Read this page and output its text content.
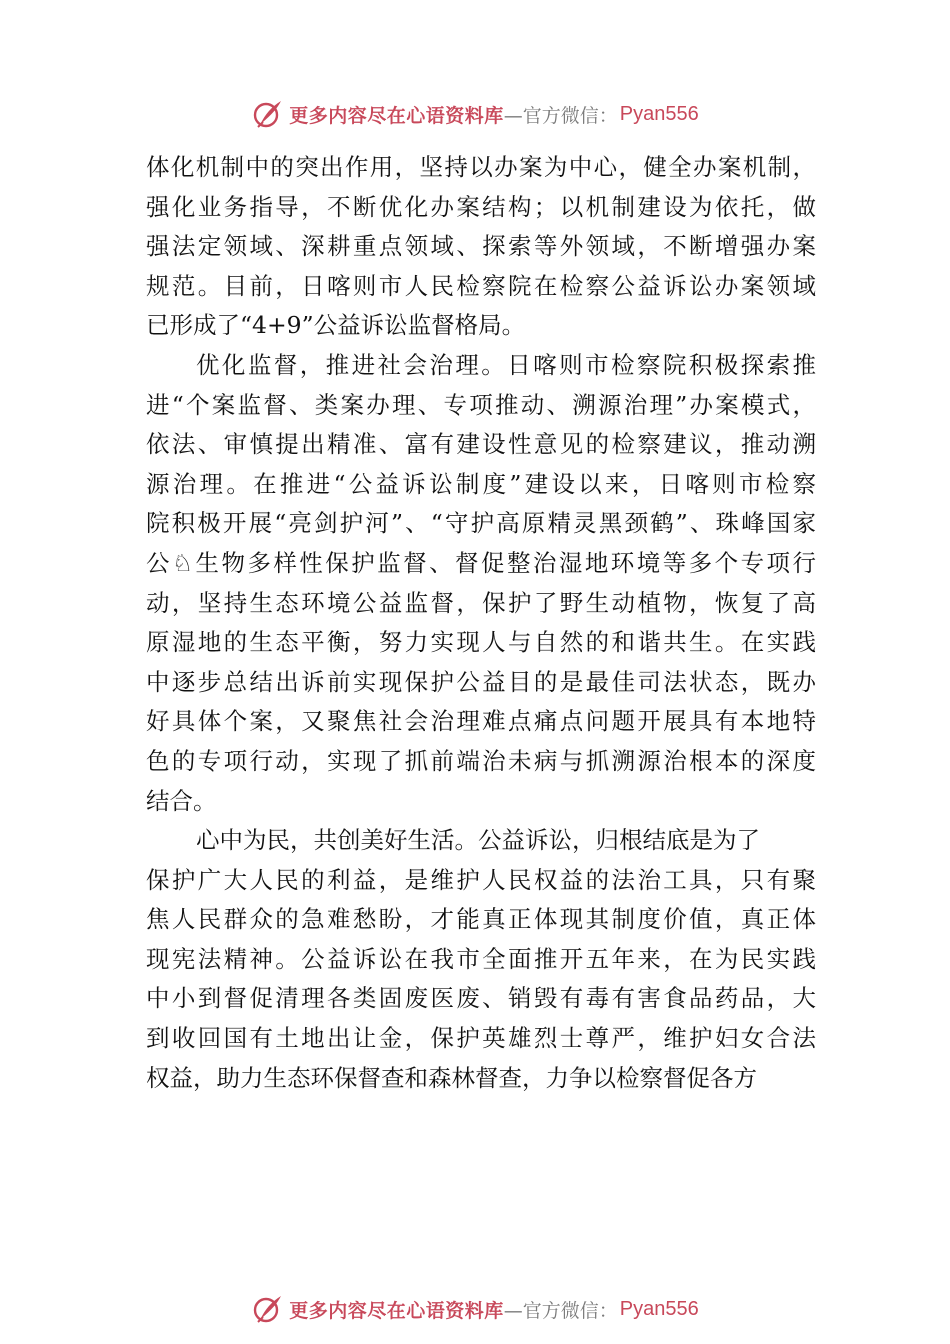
更多内容尽在心语资料库 —官方微信： Pyan556
体化机制中的突出作用，坚持以办案为中心，健全办案机制，
强化业务指导，不断优化办案结构；以机制建设为依托，做
强法定领域、深耕重点领域、探索等外领域，不断增强办案
规范。目前，日喀则市人民检察院在检察公益诉讼办案领域
已形成了“4+9”公益诉讼监督格局。
优化监督，推进社会治理。日喀则市检察院积极探索推
进“个案监督、类案办理、专项推动、溯源治理”办案模式，
依法、审慎提出精准、富有建设性意见的检察建议，推动溯
源治理。在推进“公益诉讼制度”建设以来，日喀则市检察
院积极开展“亮剑护河”、“守护高原精灵黑颈鹤”、珠峰国家
公♘生物多样性保护监督、督促整治湿地环境等多个专项行
动，坚持生态环境公益监督，保护了野生动植物，恢复了高
原湿地的生态平衡，努力实现人与自然的和谐共生。在实践
中逐步总结出诉前实现保护公益目的是最佳司法状态，既办
好具体个案，又聚焦社会治理难点痛点问题开展具有本地特
色的专项行动，实现了抓前端治未病与抓溯源治根本的深度
结合。
心中为民，共创美好生活。公益诉讼，归根结底是为了
保护广大人民的利益，是维护人民权益的法治工具，只有聚
焦人民群众的急难愁盼，才能真正体现其制度价值，真正体
现宪法精神。公益诉讼在我市全面推开五年来，在为民实践
中小到督促清理各类固废医废、销毁有毒有害食品药品，大
到收回国有土地出让金，保护英雄烈士尊严，维护妇女合法
权益，助力生态环保督查和森林督查，力争以检察督促各方
更多内容尽在心语资料库 —官方微信： Pyan556
